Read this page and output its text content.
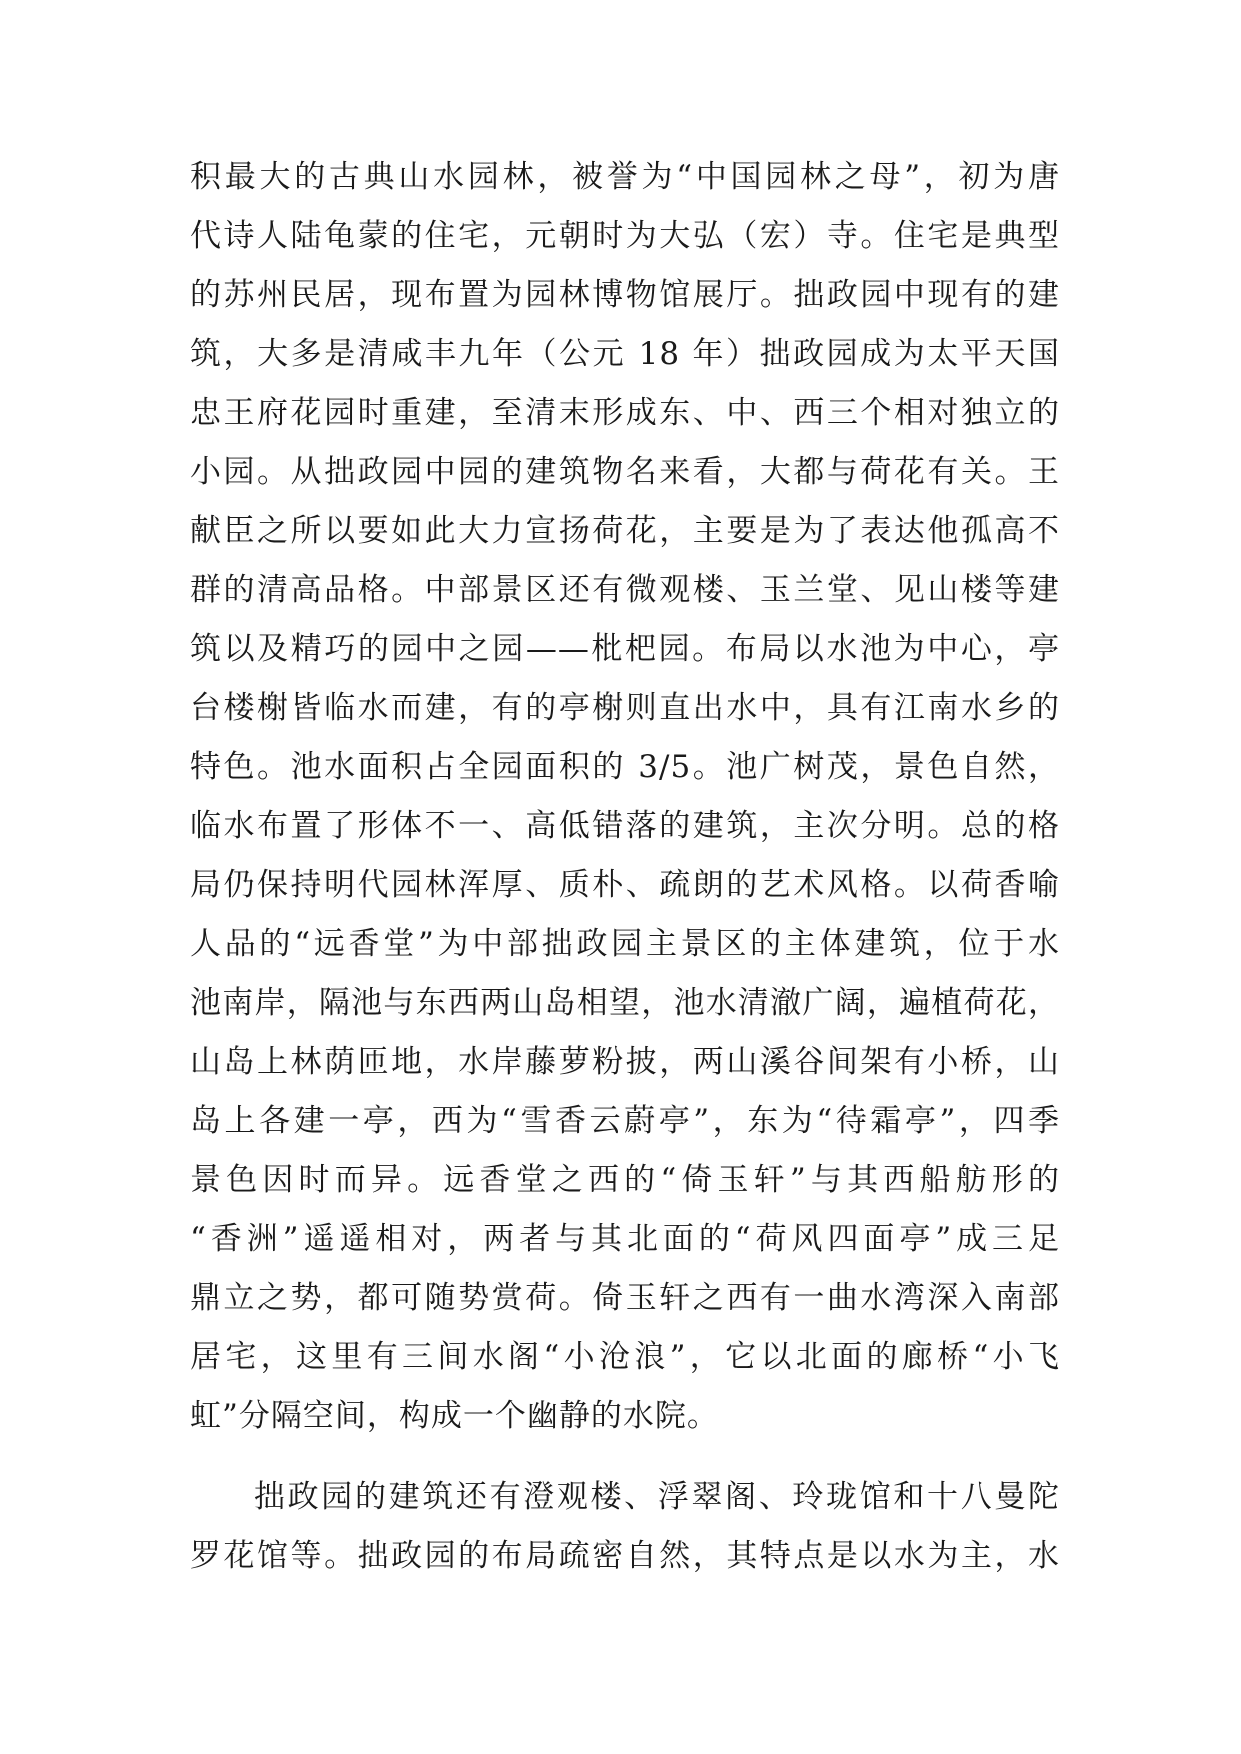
积最大的古典山水园林，被誉为“中国园林之母”，初为唐
代诗人陆龟蒙的住宅，元朝时为大弘（宏）寺。住宅是典型
的苏州民居，现布置为园林博物馆展厅。拙政园中现有的建
筑，大多是清咸丰九年（公元 18 年）拙政园成为太平天国
忠王府花园时重建，至清末形成东、中、西三个相对独立的
小园。从拙政园中园的建筑物名来看，大都与荷花有关。王
献臣之所以要如此大力宣扬荷花，主要是为了表达他孤高不
群的清高品格。中部景区还有微观楼、玉兰堂、见山楼等建
筑以及精巧的园中之园——枇杷园。布局以水池为中心，亭
台楼榭皆临水而建，有的亭榭则直出水中，具有江南水乡的
特色。池水面积占全园面积的 3/5。池广树茂，景色自然，
临水布置了形体不一、高低错落的建筑，主次分明。总的格
局仍保持明代园林浑厚、质朴、疏朗的艺术风格。以荷香喻
人品的“远香堂”为中部拙政园主景区的主体建筑，位于水
池南岸，隔池与东西两山岛相望，池水清澈广阔，遍植荷花，
山岛上林荫匝地，水岸藤萝粉披，两山溪谷间架有小桥，山
岛上各建一亭，西为“雪香云蔚亭”，东为“待霜亭”，四季
景色因时而异。远香堂之西的“倚玉轩”与其西船舫形的
“香洲”遥遥相对，两者与其北面的“荷风四面亭”成三足
鼎立之势，都可随势赏荷。倚玉轩之西有一曲水湾深入南部
居宅，这里有三间水阁“小沧浪”，它以北面的廊桥“小飞
虹”分隔空间，构成一个幽静的水院。
拙政园的建筑还有澄观楼、浮翠阁、玲珑馆和十八曼陀
罗花馆等。拙政园的布局疏密自然，其特点是以水为主，水
